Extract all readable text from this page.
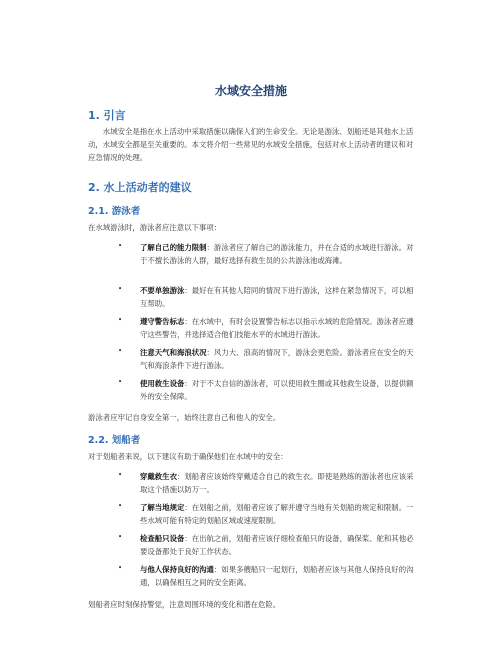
水域安全措施
1. 引言
水域安全是指在水上活动中采取措施以确保人们的生命安全。无论是游泳、划船还是其他水上活动，水域安全都是至关重要的。本文将介绍一些常见的水域安全措施，包括对水上活动者的建议和对应急情况的处理。
2. 水上活动者的建议
2.1. 游泳者
在水域游泳时，游泳者应注意以下事项：
•	了解自己的能力限制：游泳者应了解自己的游泳能力，并在合适的水域进行游泳。对于不擅长游泳的人群，最好选择有救生员的公共游泳池或海滩。
•	不要单独游泳：最好在有其他人陪同的情况下进行游泳，这样在紧急情况下，可以相互帮助。
•	遵守警告标志：在水域中，有时会设置警告标志以指示水域的危险情况。游泳者应遵守这些警告，并选择适合他们技能水平的水域进行游泳。
•	注意天气和海浪状况：风力大、浪高的情况下，游泳会更危险。游泳者应在安全的天气和海浪条件下进行游泳。
•	使用救生设备：对于不太自信的游泳者，可以使用救生圈或其他救生设备，以提供额外的安全保障。
游泳者应牢记自身安全第一，始终注意自己和他人的安全。
2.2. 划船者
对于划船者来说，以下建议有助于确保他们在水域中的安全：
•	穿戴救生衣：划船者应该始终穿戴适合自己的救生衣。即使是熟练的游泳者也应该采取这个措施以防万一。
•	了解当地规定：在划船之前，划船者应该了解并遵守当地有关划船的规定和限制。一些水域可能有特定的划船区域或速度限制。
•	检查船只设备：在出航之前，划船者应该仔细检查船只的设备，确保桨、舵和其他必要设备都处于良好工作状态。
•	与他人保持良好的沟通：如果多艘船只一起划行，划船者应该与其他人保持良好的沟通，以确保相互之间的安全距离。
划船者应时刻保持警觉，注意周围环境的变化和潜在危险。
